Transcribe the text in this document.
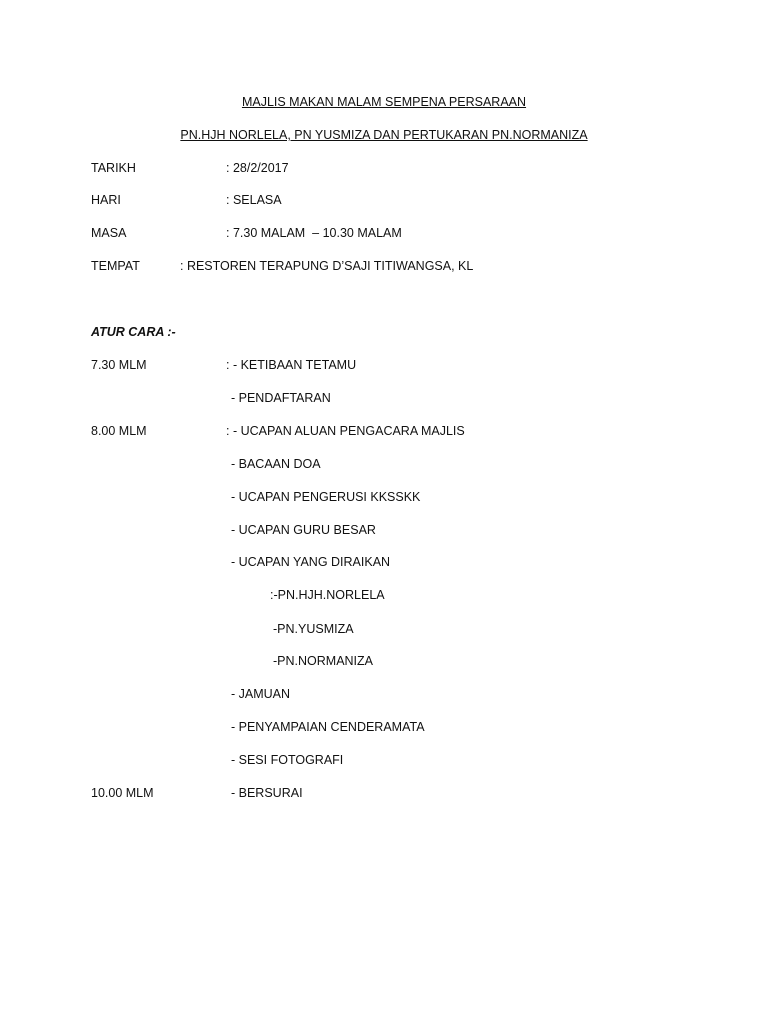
MAJLIS MAKAN MALAM SEMPENA PERSARAAN
PN.HJH NORLELA, PN YUSMIZA DAN PERTUKARAN PN.NORMANIZA
TARIKH	: 28/2/2017
HARI	: SELASA
MASA	: 7.30 MALAM  – 10.30 MALAM
TEMPAT	: RESTOREN TERAPUNG D’SAJI TITIWANGSA, KL
ATUR CARA :-
7.30 MLM	: - KETIBAAN TETAMU
- PENDAFTARAN
8.00 MLM	: - UCAPAN ALUAN PENGACARA MAJLIS
- BACAAN DOA
- UCAPAN PENGERUSI KKSSKK
- UCAPAN GURU BESAR
- UCAPAN YANG DIRAIKAN
:-PN.HJH.NORLELA
-PN.YUSMIZA
-PN.NORMANIZA
- JAMUAN
- PENYAMPAIAN CENDERAMATA
- SESI FOTOGRAFI
10.00 MLM	- BERSURAI
